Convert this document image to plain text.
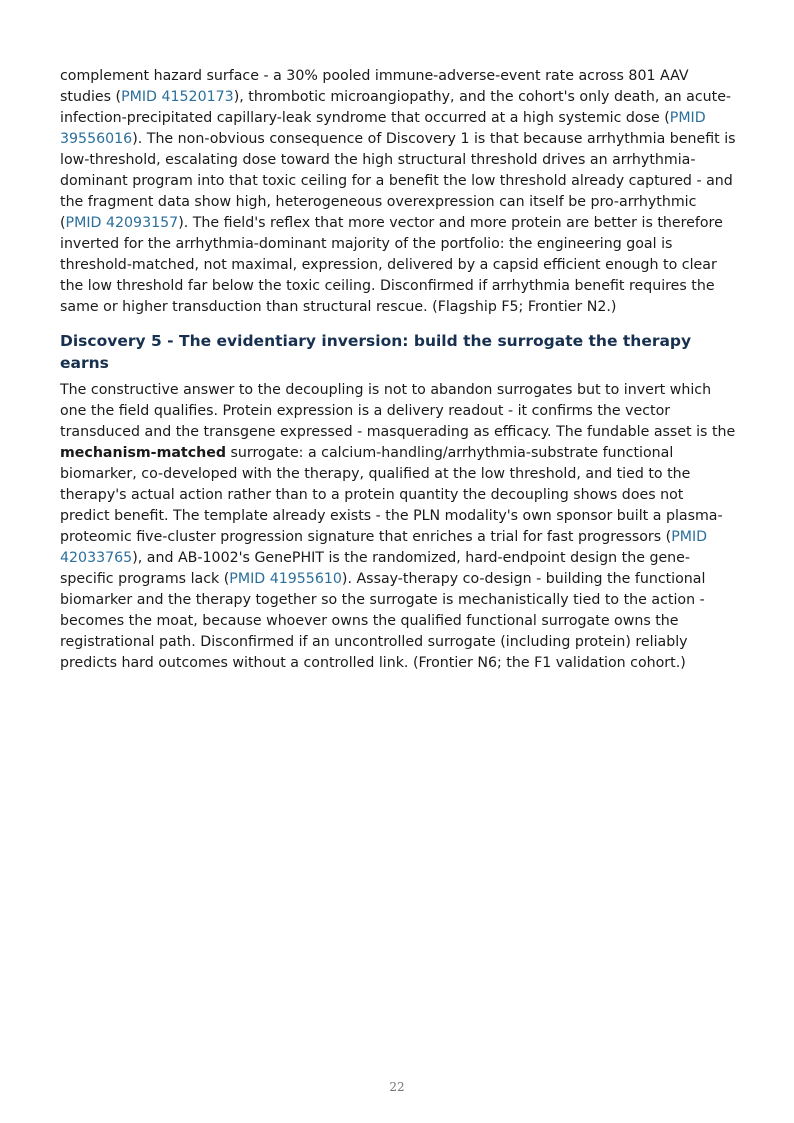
complement hazard surface - a 30% pooled immune-adverse-event rate across 801 AAV studies (PMID 41520173), thrombotic microangiopathy, and the cohort's only death, an acute-infection-precipitated capillary-leak syndrome that occurred at a high systemic dose (PMID 39556016). The non-obvious consequence of Discovery 1 is that because arrhythmia benefit is low-threshold, escalating dose toward the high structural threshold drives an arrhythmia-dominant program into that toxic ceiling for a benefit the low threshold already captured - and the fragment data show high, heterogeneous overexpression can itself be pro-arrhythmic (PMID 42093157). The field's reflex that more vector and more protein are better is therefore inverted for the arrhythmia-dominant majority of the portfolio: the engineering goal is threshold-matched, not maximal, expression, delivered by a capsid efficient enough to clear the low threshold far below the toxic ceiling. Disconfirmed if arrhythmia benefit requires the same or higher transduction than structural rescue. (Flagship F5; Frontier N2.)

Discovery 5 - The evidentiary inversion: build the surrogate the therapy earns

The constructive answer to the decoupling is not to abandon surrogates but to invert which one the field qualifies. Protein expression is a delivery readout - it confirms the vector transduced and the transgene expressed - masquerading as efficacy. The fundable asset is the mechanism-matched surrogate: a calcium-handling/arrhythmia-substrate functional biomarker, co-developed with the therapy, qualified at the low threshold, and tied to the therapy's actual action rather than to a protein quantity the decoupling shows does not predict benefit. The template already exists - the PLN modality's own sponsor built a plasma-proteomic five-cluster progression signature that enriches a trial for fast progressors (PMID 42033765), and AB-1002's GenePHIT is the randomized, hard-endpoint design the gene-specific programs lack (PMID 41955610). Assay-therapy co-design - building the functional biomarker and the therapy together so the surrogate is mechanistically tied to the action - becomes the moat, because whoever owns the qualified functional surrogate owns the registrational path. Disconfirmed if an uncontrolled surrogate (including protein) reliably predicts hard outcomes without a controlled link. (Frontier N6; the F1 validation cohort.)

22
